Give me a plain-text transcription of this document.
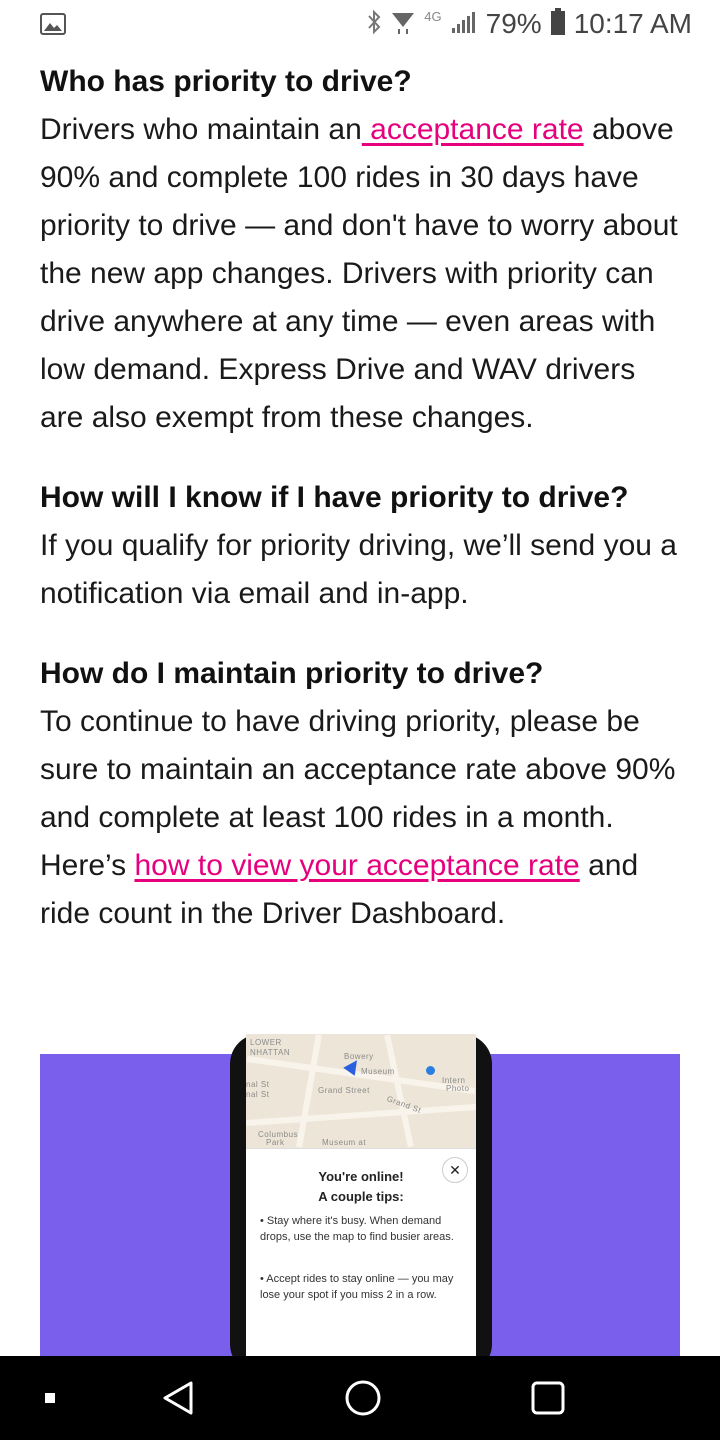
4G 79% 10:17 AM
Who has priority to drive?
Drivers who maintain an acceptance rate above 90% and complete 100 rides in 30 days have priority to drive — and don't have to worry about the new app changes. Drivers with priority can drive anywhere at any time — even areas with low demand. Express Drive and WAV drivers are also exempt from these changes.
How will I know if I have priority to drive?
If you qualify for priority driving, we’ll send you a notification via email and in-app.
How do I maintain priority to drive?
To continue to have driving priority, please be sure to maintain an acceptance rate above 90% and complete at least 100 rides in a month. Here’s how to view your acceptance rate and ride count in the Driver Dashboard.
LOWER
NHATTAN	Bowery
Museum
Intern
Photo
nal St
nal St	Grand Street
Grand St
Columbus
Park	Museum at
✕
You're online!
A couple tips:
• Stay where it's busy. When demand drops, use the map to find busier areas.
• Accept rides to stay online — you may lose your spot if you miss 2 in a row.
